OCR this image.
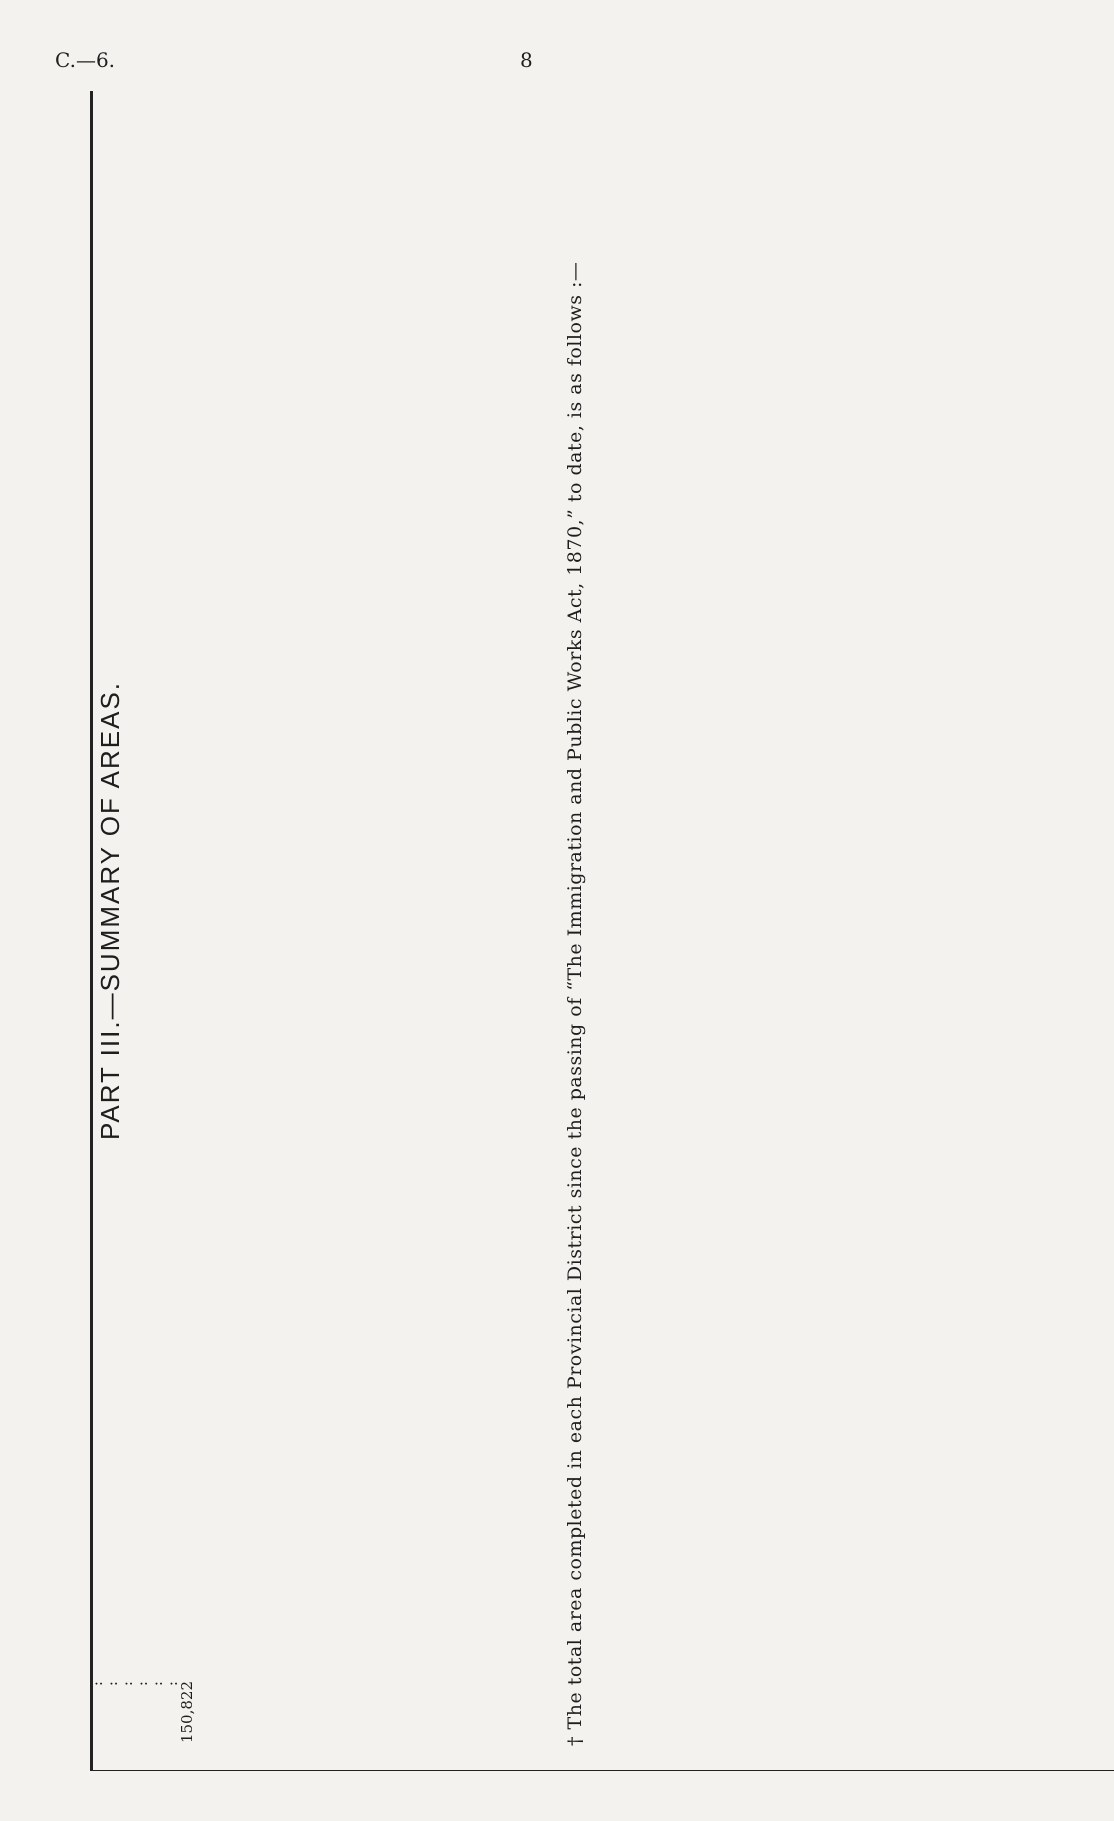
C.—6.	8
PART III.—SUMMARY OF AREAS.
:
:
:
:
:
:
150,822	† The total area completed in each Provincial District since the passing of “The Immigration and Public Works Act, 1870,” to date, is as follows :—
